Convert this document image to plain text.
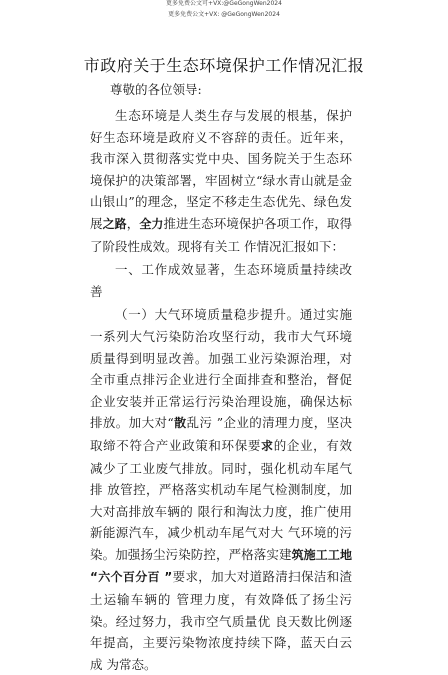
更多免费公文可+VX:@GeGongWen2024
更多免费公文+VX: @GeGongWen2024
市政府关于生态环境保护工作情况汇报
尊敬的各位领导:

生态环境是人类生存与发展的根基，保护好生态环境是政府义不容辞的责任。近年来，我市深入贯彻落实党中央、国务院关于生态环境保护的决策部署，牢固树立“绿水青山就是金山银山”的理念，坚定不移走生态优先、绿色发展之路，全力推进生态环境保护各项工作，取得了阶段性成效。现将有关工 作情况汇报如下：

一、工作成效显著，生态环境质量持续改善

（一）大气环境质量稳步提升。通过实施一系列大气污染防治攻坚行动，我市大气环境质量得到明显改善。加强工业污染源治理，对全市重点排污企业进行全面排查和整治，督促企业安装并正常运行污染治理设施，确保达标排放。加大对“散乱污 ”企业的清理力度，坚决取缔不符合产业政策和环保要求的企业，有效减少了工业废气排放。同时，强化机动车尾气排 放管控，严格落实机动车尾气检测制度，加大对高排放车辆的 限行和淘汰力度，推广使用新能源汽车，减少机动车尾气对大 气环境的污染。加强扬尘污染防控，严格落实建筑施工工地 “六个百分百 ”要求，加大对道路清扫保洁和渣土运输车辆的 管理力度，有效降低了扬尘污染。经过努力，我市空气质量优 良天数比例逐年提高，主要污染物浓度持续下降，蓝天白云成 为常态。
